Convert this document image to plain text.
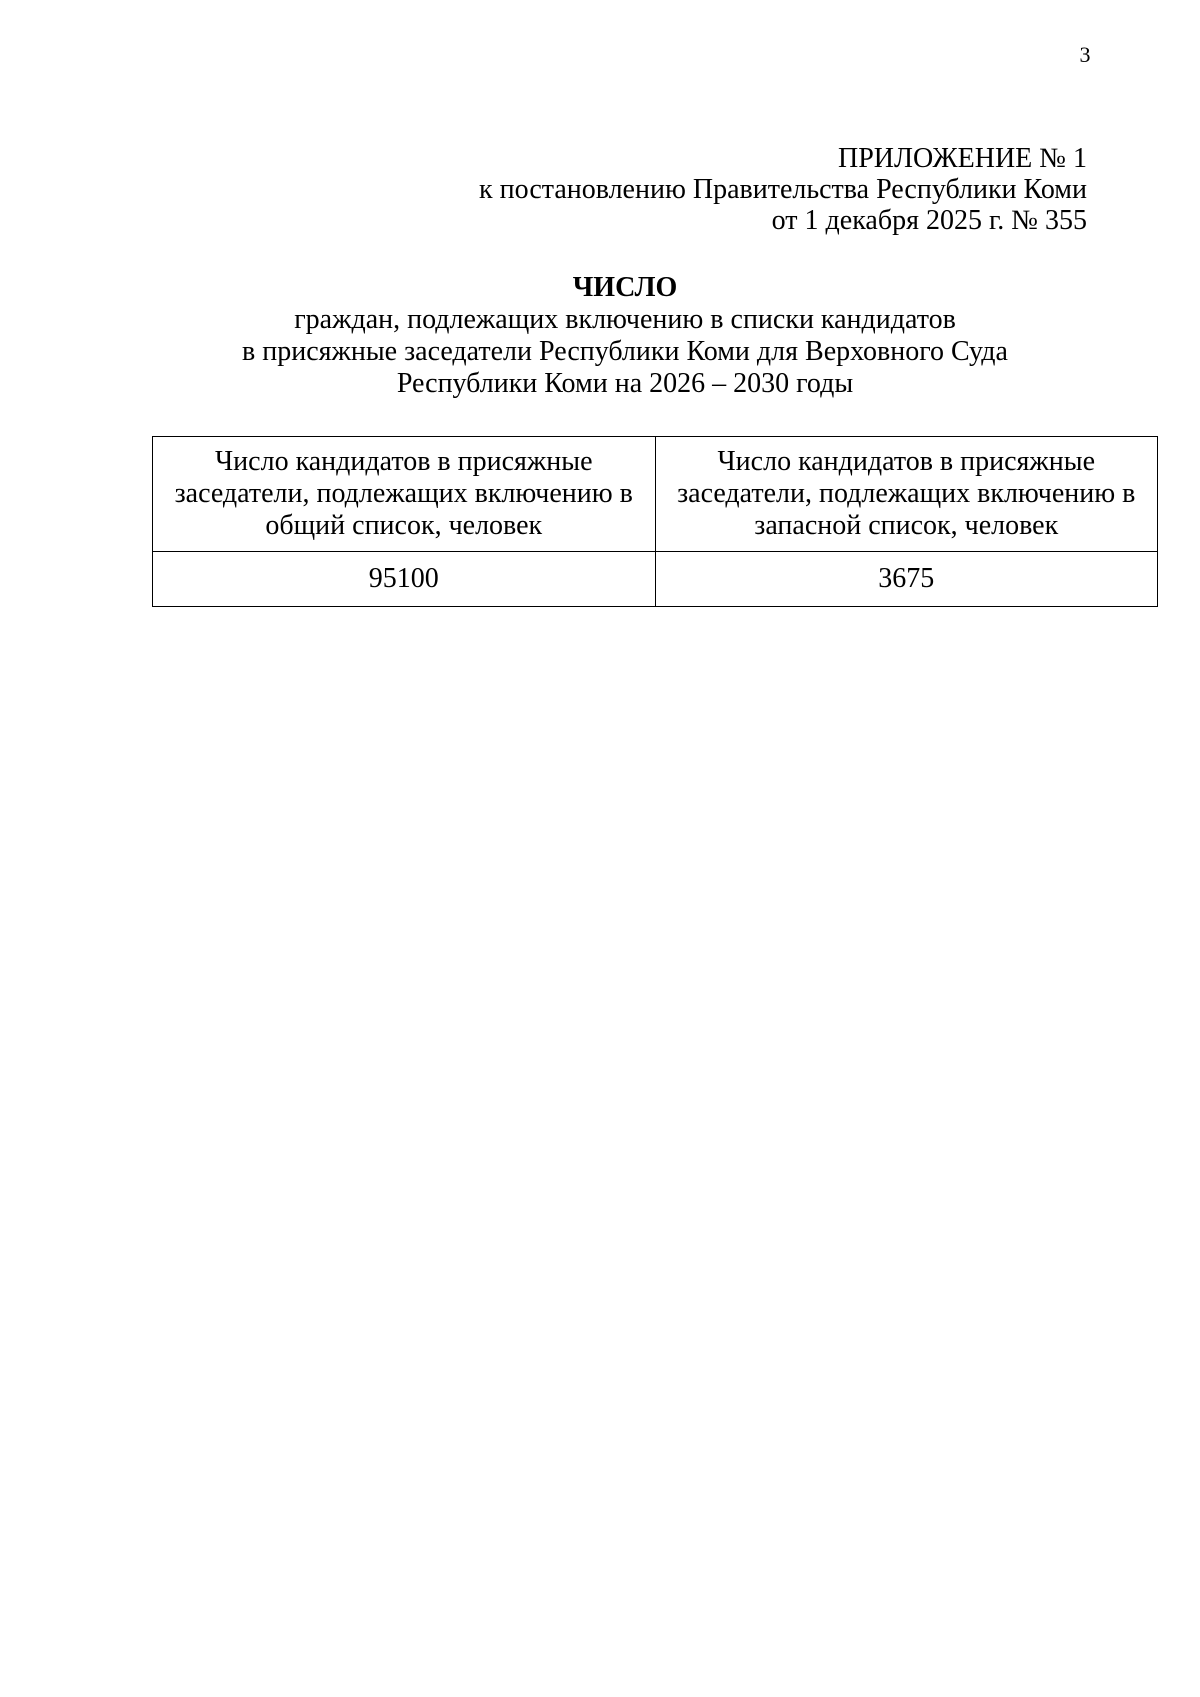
3
ПРИЛОЖЕНИЕ № 1
к постановлению Правительства Республики Коми
от 1 декабря 2025 г. № 355
ЧИСЛО
граждан, подлежащих включению в списки кандидатов
в присяжные заседатели Республики Коми для Верховного Суда
Республики Коми на 2026 – 2030 годы
Число кандидатов в присяжные заседатели, подлежащих включению в общий список, человек	Число кандидатов в присяжные заседатели, подлежащих включению в запасной список, человек
95100	3675
